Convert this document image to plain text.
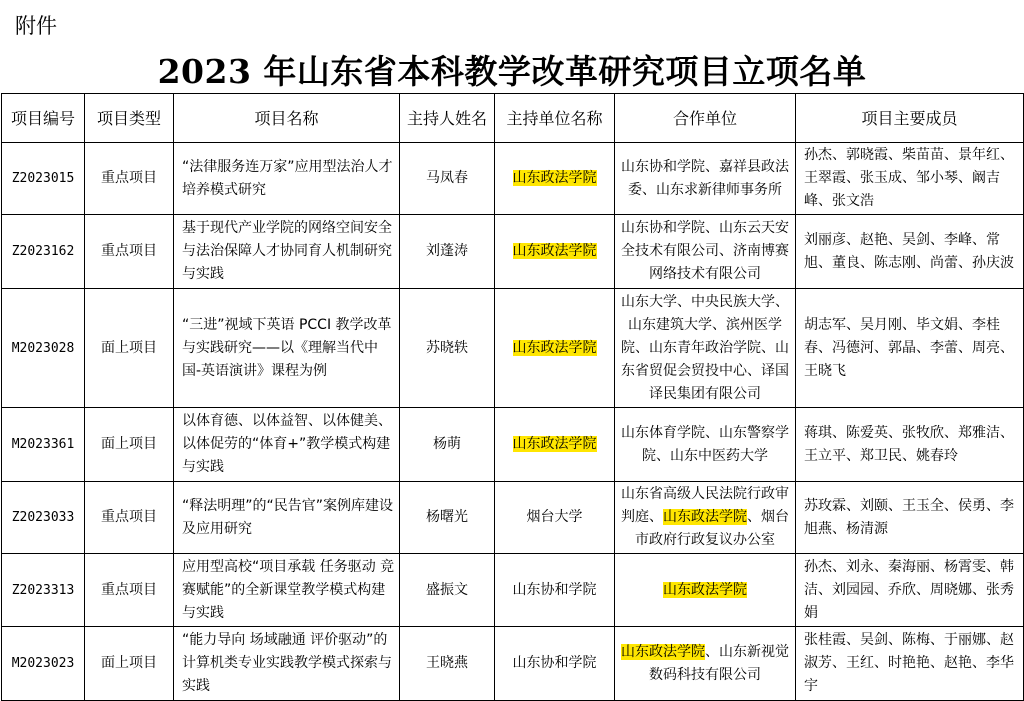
附件
2023 年山东省本科教学改革研究项目立项名单
项目编号	项目类型	项目名称	主持人姓名	主持单位名称	合作单位	项目主要成员
Z2023015	重点项目	“法律服务连万家”应用型法治人才培养模式研究	马凤春	山东政法学院	山东协和学院、嘉祥县政法委、山东求新律师事务所	孙杰、郭晓霞、柴苗苗、景年红、王翠霞、张玉成、邹小琴、阚吉峰、张文浩
Z2023162	重点项目	基于现代产业学院的网络空间安全与法治保障人才协同育人机制研究与实践	刘蓬涛	山东政法学院	山东协和学院、山东云天安全技术有限公司、济南博赛网络技术有限公司	刘丽彦、赵艳、吴剑、李峰、常旭、董良、陈志刚、尚蕾、孙庆波
M2023028	面上项目	“三进”视域下英语 PCCI 教学改革与实践研究——以《理解当代中国-英语演讲》课程为例	苏晓轶	山东政法学院	山东大学、中央民族大学、山东建筑大学、滨州医学院、山东青年政治学院、山东省贸促会贸投中心、译国译民集团有限公司	胡志军、吴月刚、毕文娟、李桂春、冯德河、郭晶、李蕾、周亮、王晓飞
M2023361	面上项目	以体育德、以体益智、以体健美、以体促劳的“体育+”教学模式构建与实践	杨萌	山东政法学院	山东体育学院、山东警察学院、山东中医药大学	蒋琪、陈爱英、张牧欣、郑雅洁、王立平、郑卫民、姚春玲
Z2023033	重点项目	“释法明理”的“民告官”案例库建设及应用研究	杨曙光	烟台大学	山东省高级人民法院行政审判庭、山东政法学院、烟台市政府行政复议办公室	苏玫霖、刘颐、王玉全、侯勇、李旭燕、杨清源
Z2023313	重点项目	应用型高校“项目承载 任务驱动 竞赛赋能”的全新课堂教学模式构建与实践	盛振文	山东协和学院	山东政法学院	孙杰、刘永、秦海丽、杨霄雯、韩洁、刘园园、乔欣、周晓娜、张秀娟
M2023023	面上项目	“能力导向 场域融通 评价驱动”的计算机类专业实践教学模式探索与实践	王晓燕	山东协和学院	山东政法学院、山东新视觉数码科技有限公司	张桂霞、吴剑、陈梅、于丽娜、赵淑芳、王红、时艳艳、赵艳、李华宇
